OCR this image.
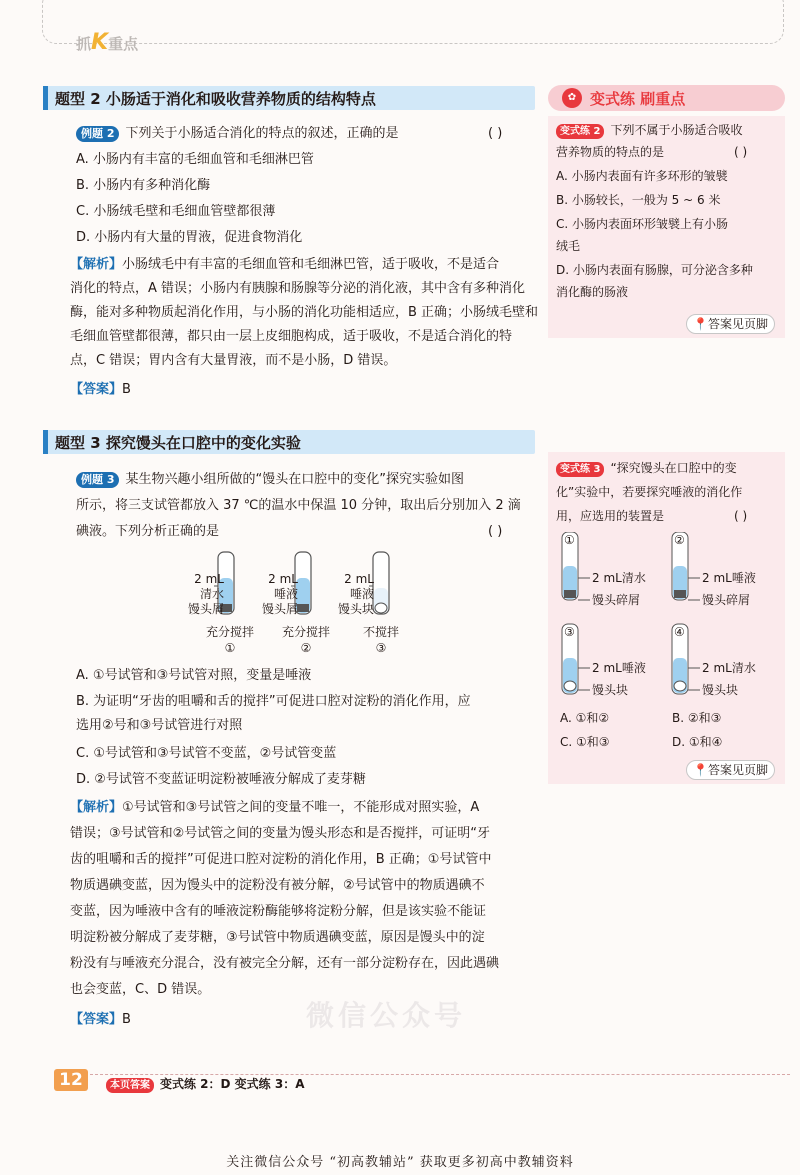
抓K重点
题型 2 小肠适于消化和吸收营养物质的结构特点
例题 2 下列关于小肠适合消化的特点的叙述，正确的是	( )
A. 小肠内有丰富的毛细血管和毛细淋巴管
B. 小肠内有多种消化酶
C. 小肠绒毛壁和毛细血管壁都很薄
D. 小肠内有大量的胃液，促进食物消化
【解析】小肠绒毛中有丰富的毛细血管和毛细淋巴管，适于吸收，不是适合
消化的特点，A 错误；小肠内有胰腺和肠腺等分泌的消化液，其中含有多种消化
酶，能对多种物质起消化作用，与小肠的消化功能相适应，B 正确；小肠绒毛壁和
毛细血管壁都很薄，都只由一层上皮细胞构成，适于吸收，不是适合消化的特
点，C 错误；胃内含有大量胃液，而不是小肠，D 错误。
【答案】B
题型 3 探究馒头在口腔中的变化实验
例题 3 某生物兴趣小组所做的“馒头在口腔中的变化”探究实验如图
所示，将三支试管都放入 37 ℃的温水中保温 10 分钟，取出后分别加入 2 滴
碘液。下列分析正确的是	( )
2 mL
清水
馒头屑
2 mL
唾液
馒头屑
2 mL
唾液
馒头块
充分搅拌
①
充分搅拌
②
不搅拌
③
A. ①号试管和③号试管对照，变量是唾液
B. 为证明“牙齿的咀嚼和舌的搅拌”可促进口腔对淀粉的消化作用，应
选用②号和③号试管进行对照
C. ①号试管和③号试管不变蓝，②号试管变蓝
D. ②号试管不变蓝证明淀粉被唾液分解成了麦芽糖
【解析】①号试管和③号试管之间的变量不唯一，不能形成对照实验，A
错误；③号试管和②号试管之间的变量为馒头形态和是否搅拌，可证明“牙
齿的咀嚼和舌的搅拌”可促进口腔对淀粉的消化作用，B 正确；①号试管中
物质遇碘变蓝，因为馒头中的淀粉没有被分解，②号试管中的物质遇碘不
变蓝，因为唾液中含有的唾液淀粉酶能够将淀粉分解，但是该实验不能证
明淀粉被分解成了麦芽糖，③号试管中物质遇碘变蓝，原因是馒头中的淀
粉没有与唾液充分混合，没有被完全分解，还有一部分淀粉存在，因此遇碘
也会变蓝，C、D 错误。
【答案】B	微信公众号
✿ 变式练 刷重点
变式练 2 下列不属于小肠适合吸收
营养物质的特点的是	( )
A. 小肠内表面有许多环形的皱襞
B. 小肠较长，一般为 5 ~ 6 米
C. 小肠内表面环形皱襞上有小肠
绒毛
D. 小肠内表面有肠腺，可分泌含多种
消化酶的肠液
📍答案见页脚
变式练 3 “探究馒头在口腔中的变
化”实验中，若要探究唾液的消化作
用，应选用的装置是	( )
①	②
③	④
2 mL清水
馒头碎屑
2 mL唾液
馒头碎屑
2 mL唾液
馒头块
2 mL清水
馒头块
A. ①和②	B. ②和③
C. ①和③	D. ①和④
📍答案见页脚
12	本页答案 变式练 2：D 变式练 3：A
关注微信公众号 “初高教辅站” 获取更多初高中教辅资料
